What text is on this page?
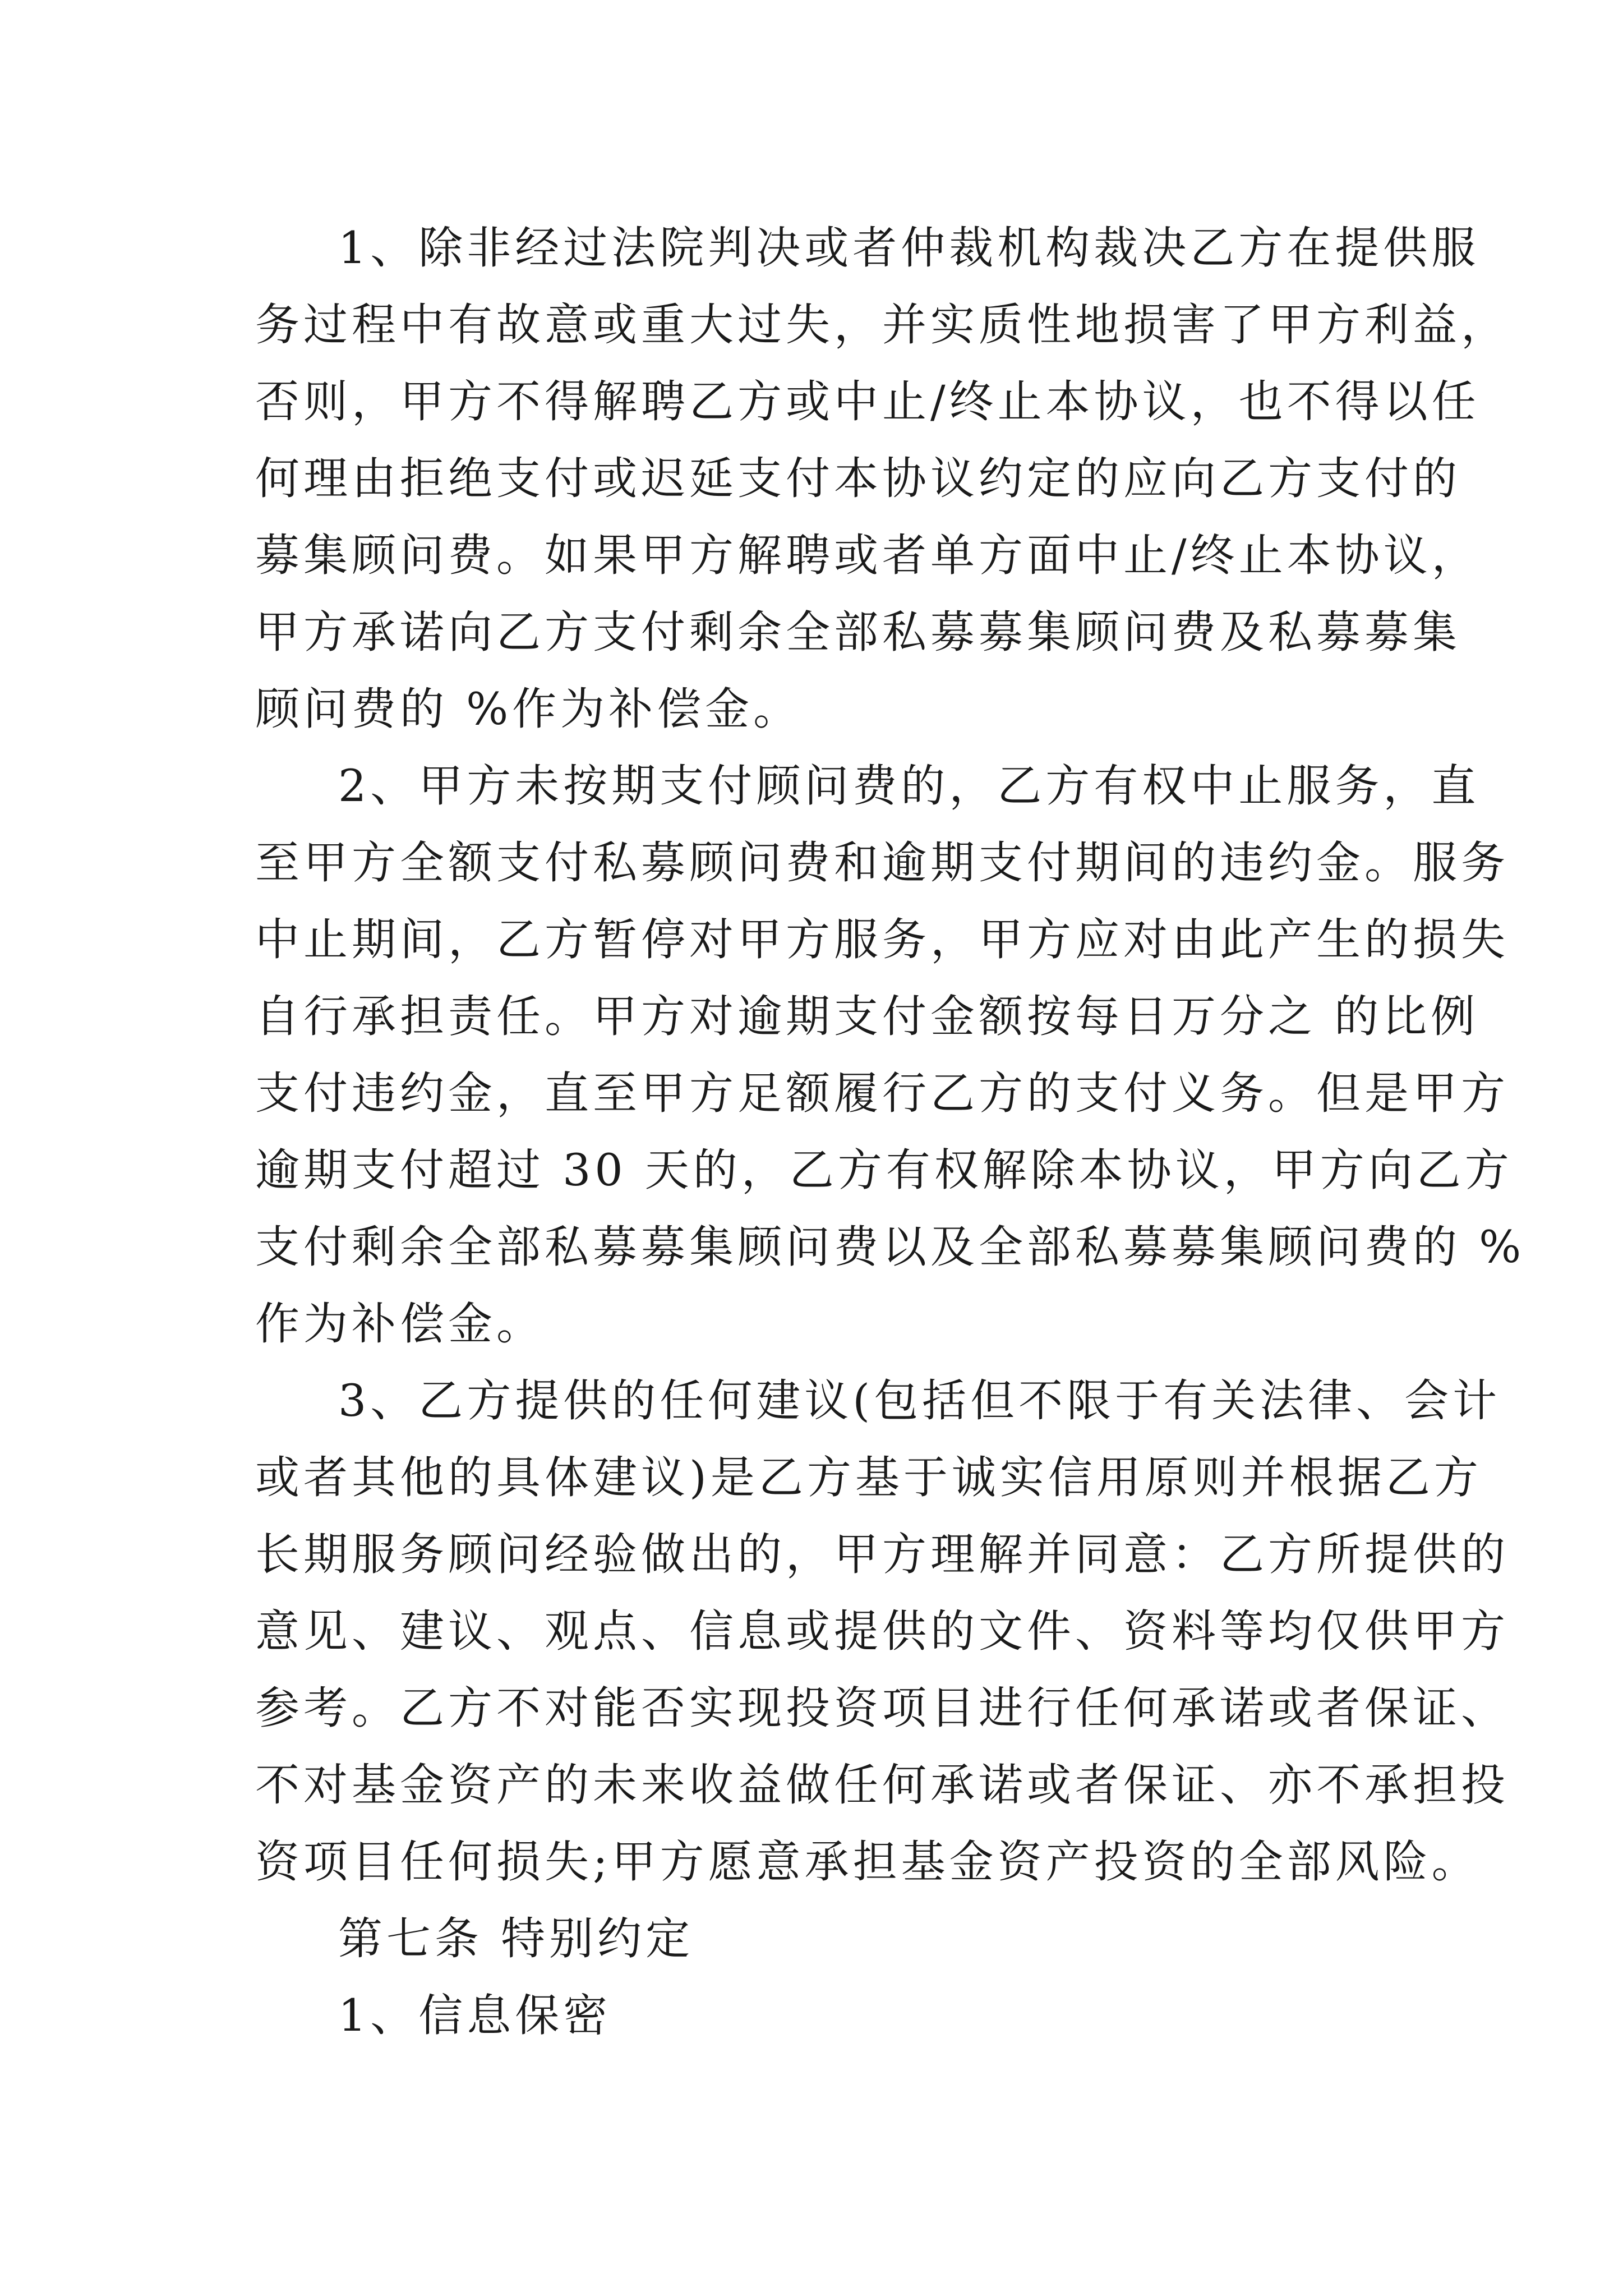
1、除非经过法院判决或者仲裁机构裁决乙方在提供服
务过程中有故意或重大过失，并实质性地损害了甲方利益，
否则，甲方不得解聘乙方或中止/终止本协议，也不得以任
何理由拒绝支付或迟延支付本协议约定的应向乙方支付的
募集顾问费。如果甲方解聘或者单方面中止/终止本协议，
甲方承诺向乙方支付剩余全部私募募集顾问费及私募募集
顾问费的 %作为补偿金。
2、甲方未按期支付顾问费的，乙方有权中止服务，直
至甲方全额支付私募顾问费和逾期支付期间的违约金。服务
中止期间，乙方暂停对甲方服务，甲方应对由此产生的损失
自行承担责任。甲方对逾期支付金额按每日万分之 的比例
支付违约金，直至甲方足额履行乙方的支付义务。但是甲方
逾期支付超过 30 天的，乙方有权解除本协议，甲方向乙方
支付剩余全部私募募集顾问费以及全部私募募集顾问费的 %
作为补偿金。
3、乙方提供的任何建议(包括但不限于有关法律、会计
或者其他的具体建议)是乙方基于诚实信用原则并根据乙方
长期服务顾问经验做出的，甲方理解并同意：乙方所提供的
意见、建议、观点、信息或提供的文件、资料等均仅供甲方
参考。乙方不对能否实现投资项目进行任何承诺或者保证、
不对基金资产的未来收益做任何承诺或者保证、亦不承担投
资项目任何损失;甲方愿意承担基金资产投资的全部风险。
第七条 特别约定
1、信息保密
